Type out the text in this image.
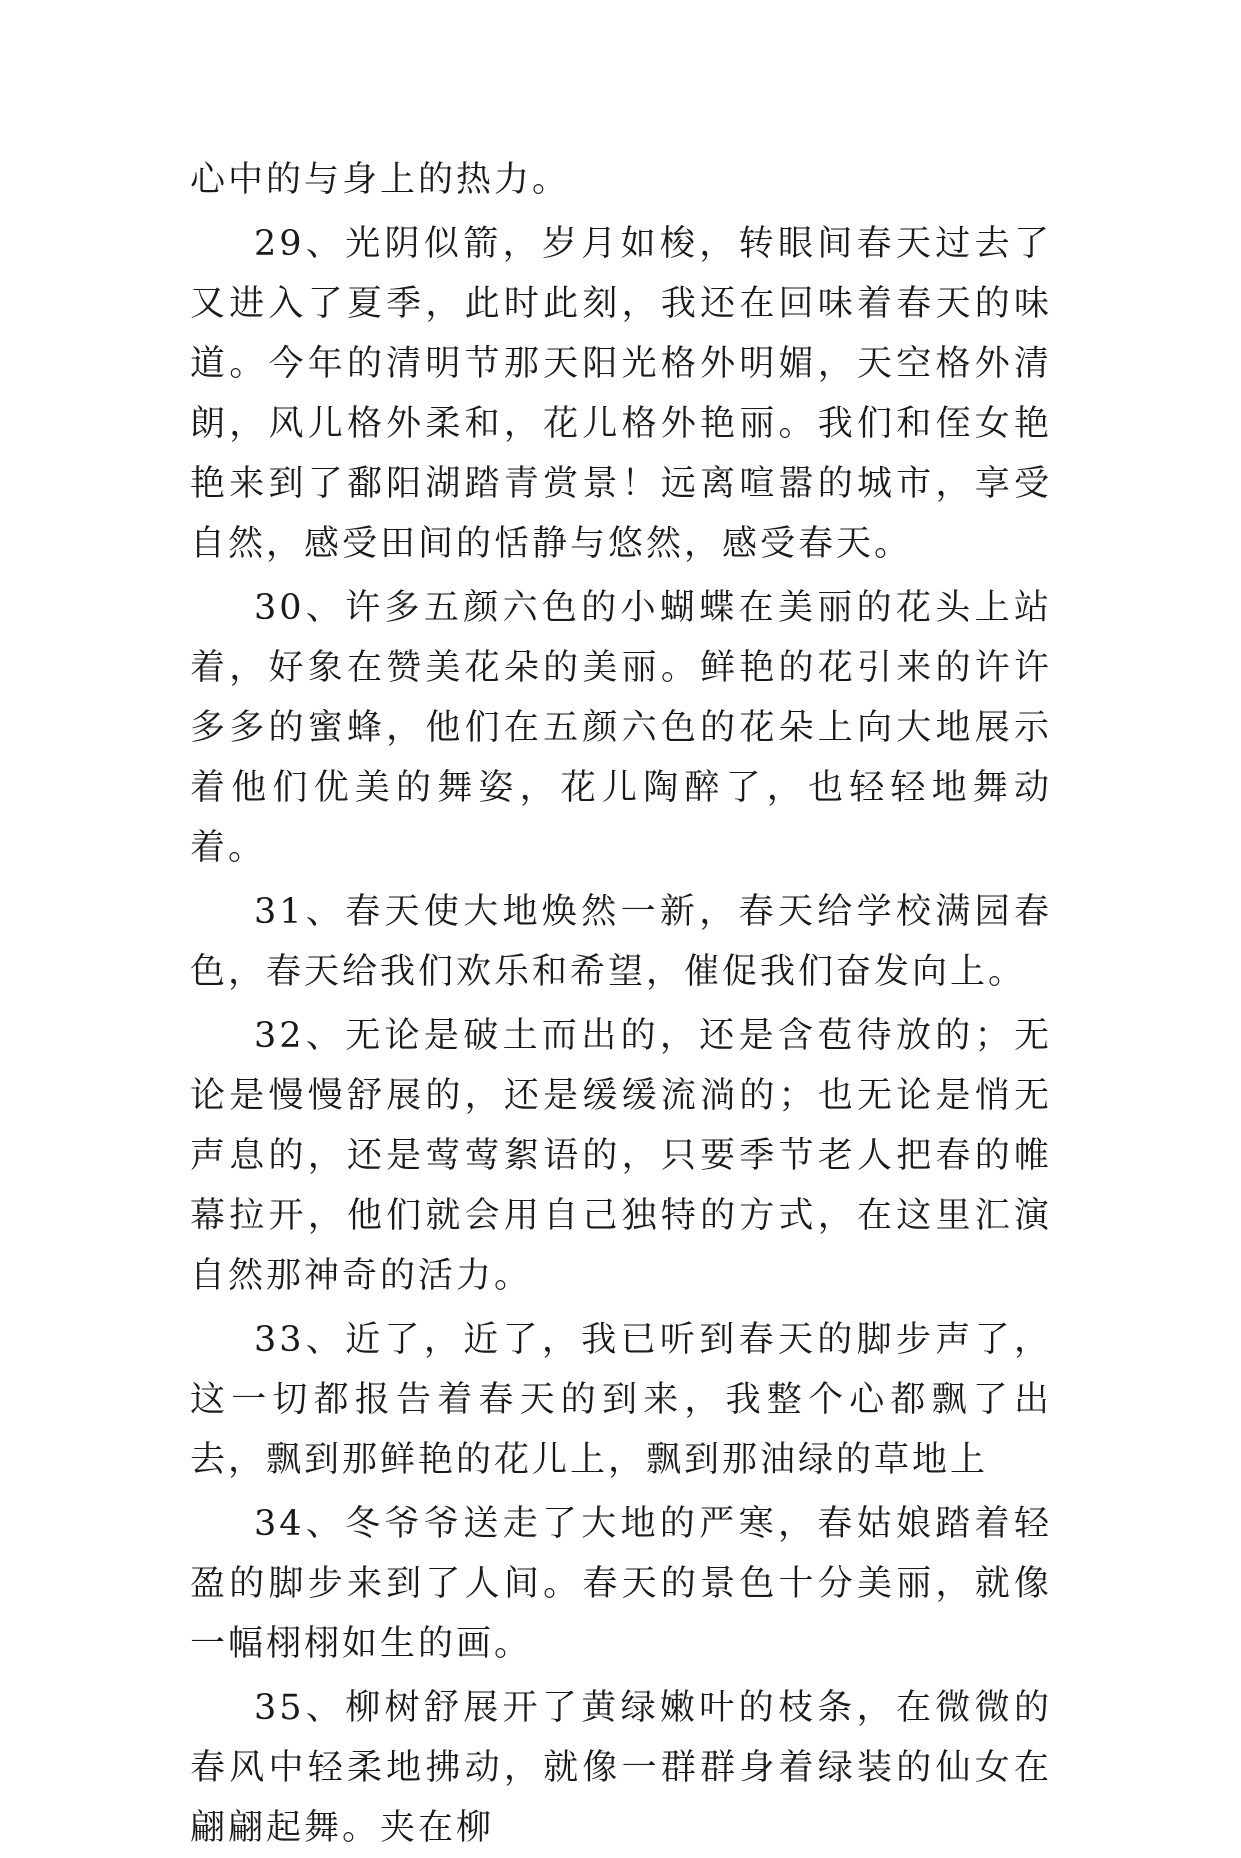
心中的与身上的热力。

29、光阴似箭，岁月如梭，转眼间春天过去了又进入了夏季，此时此刻，我还在回味着春天的味道。今年的清明节那天阳光格外明媚，天空格外清朗，风儿格外柔和，花儿格外艳丽。我们和侄女艳艳来到了鄱阳湖踏青赏景！远离喧嚣的城市，享受自然，感受田间的恬静与悠然，感受春天。

30、许多五颜六色的小蝴蝶在美丽的花头上站着，好象在赞美花朵的美丽。鲜艳的花引来的许许多多的蜜蜂，他们在五颜六色的花朵上向大地展示着他们优美的舞姿，花儿陶醉了，也轻轻地舞动着。

31、春天使大地焕然一新，春天给学校满园春色，春天给我们欢乐和希望，催促我们奋发向上。

32、无论是破土而出的，还是含苞待放的；无论是慢慢舒展的，还是缓缓流淌的；也无论是悄无声息的，还是莺莺絮语的，只要季节老人把春的帷幕拉开，他们就会用自己独特的方式，在这里汇演自然那神奇的活力。

33、近了，近了，我已听到春天的脚步声了，这一切都报告着春天的到来，我整个心都飘了出去，飘到那鲜艳的花儿上，飘到那油绿的草地上

34、冬爷爷送走了大地的严寒，春姑娘踏着轻盈的脚步来到了人间。春天的景色十分美丽，就像一幅栩栩如生的画。

35、柳树舒展开了黄绿嫩叶的枝条，在微微的春风中轻柔地拂动，就像一群群身着绿装的仙女在翩翩起舞。夹在柳
